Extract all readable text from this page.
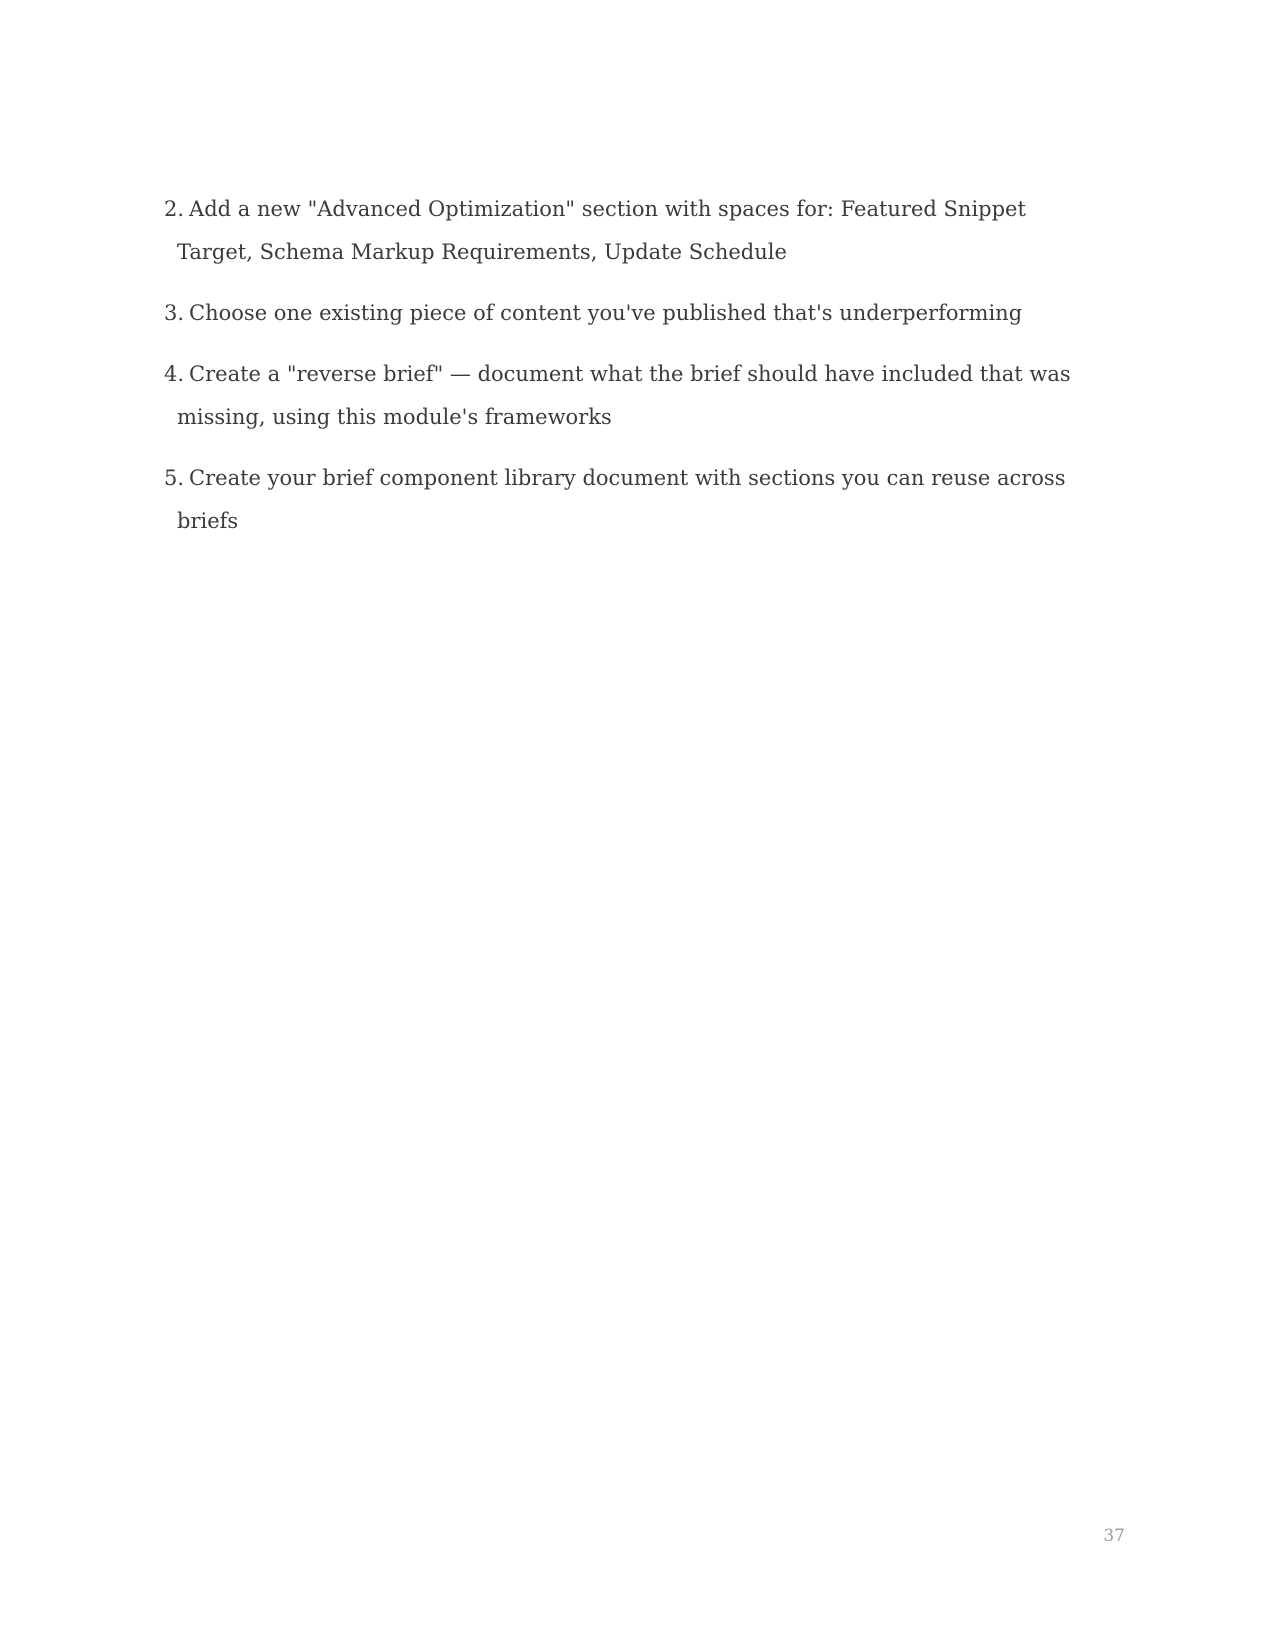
2. Add a new "Advanced Optimization" section with spaces for: Featured Snippet
Target, Schema Markup Requirements, Update Schedule
3. Choose one existing piece of content you've published that's underperforming
4. Create a "reverse brief" — document what the brief should have included that was
missing, using this module's frameworks
5. Create your brief component library document with sections you can reuse across
briefs
37
